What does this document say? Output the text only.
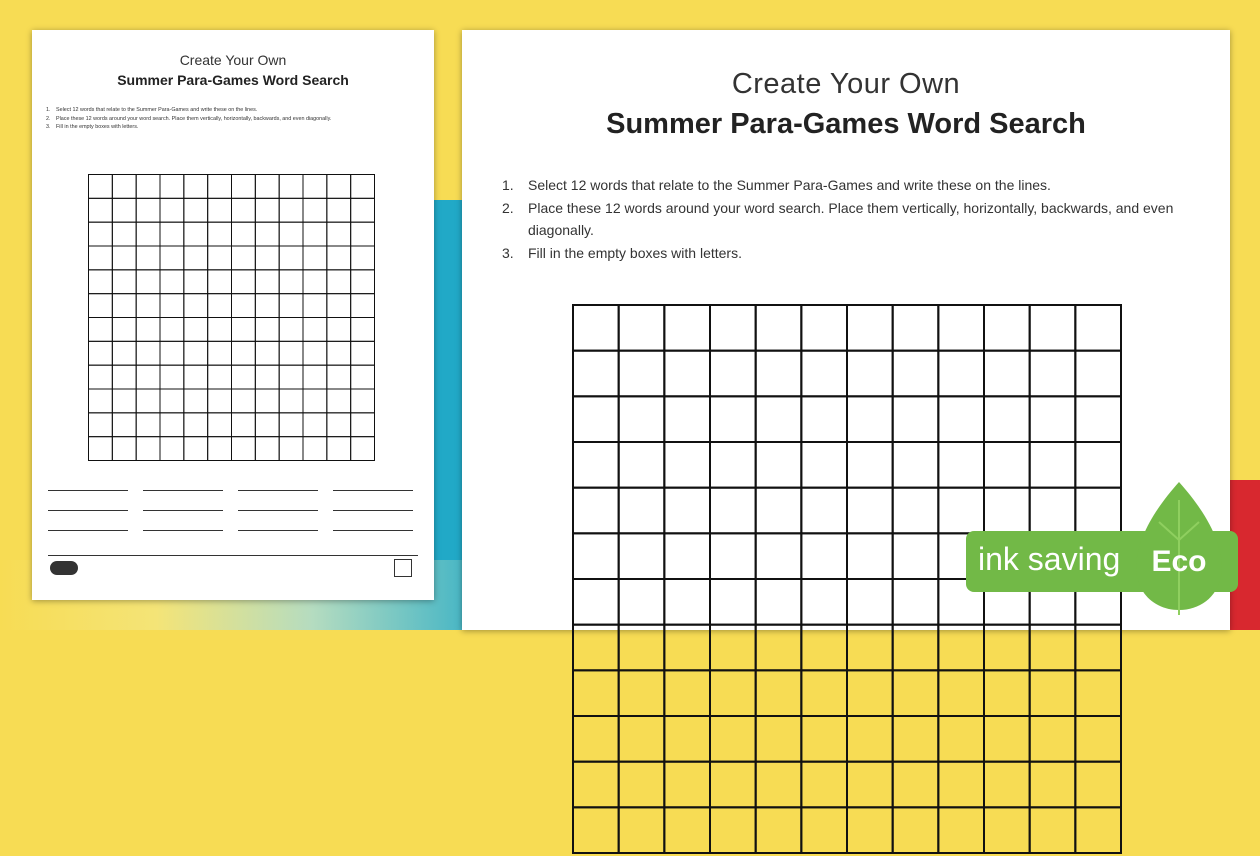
Create Your Own
Summer Para-Games Word Search
1.	Select 12 words that relate to the Summer Para-Games and write these on the lines.
2.	Place these 12 words around your word search. Place them vertically, horizontally, backwards, and even diagonally.
3.	Fill in the empty boxes with letters.
Create Your Own
Summer Para-Games Word Search
1.	Select 12 words that relate to the Summer Para-Games and write these on the lines.
2.	Place these 12 words around your word search. Place them vertically, horizontally, backwards, and even diagonally.
3.	Fill in the empty boxes with letters.
ink saving Eco
